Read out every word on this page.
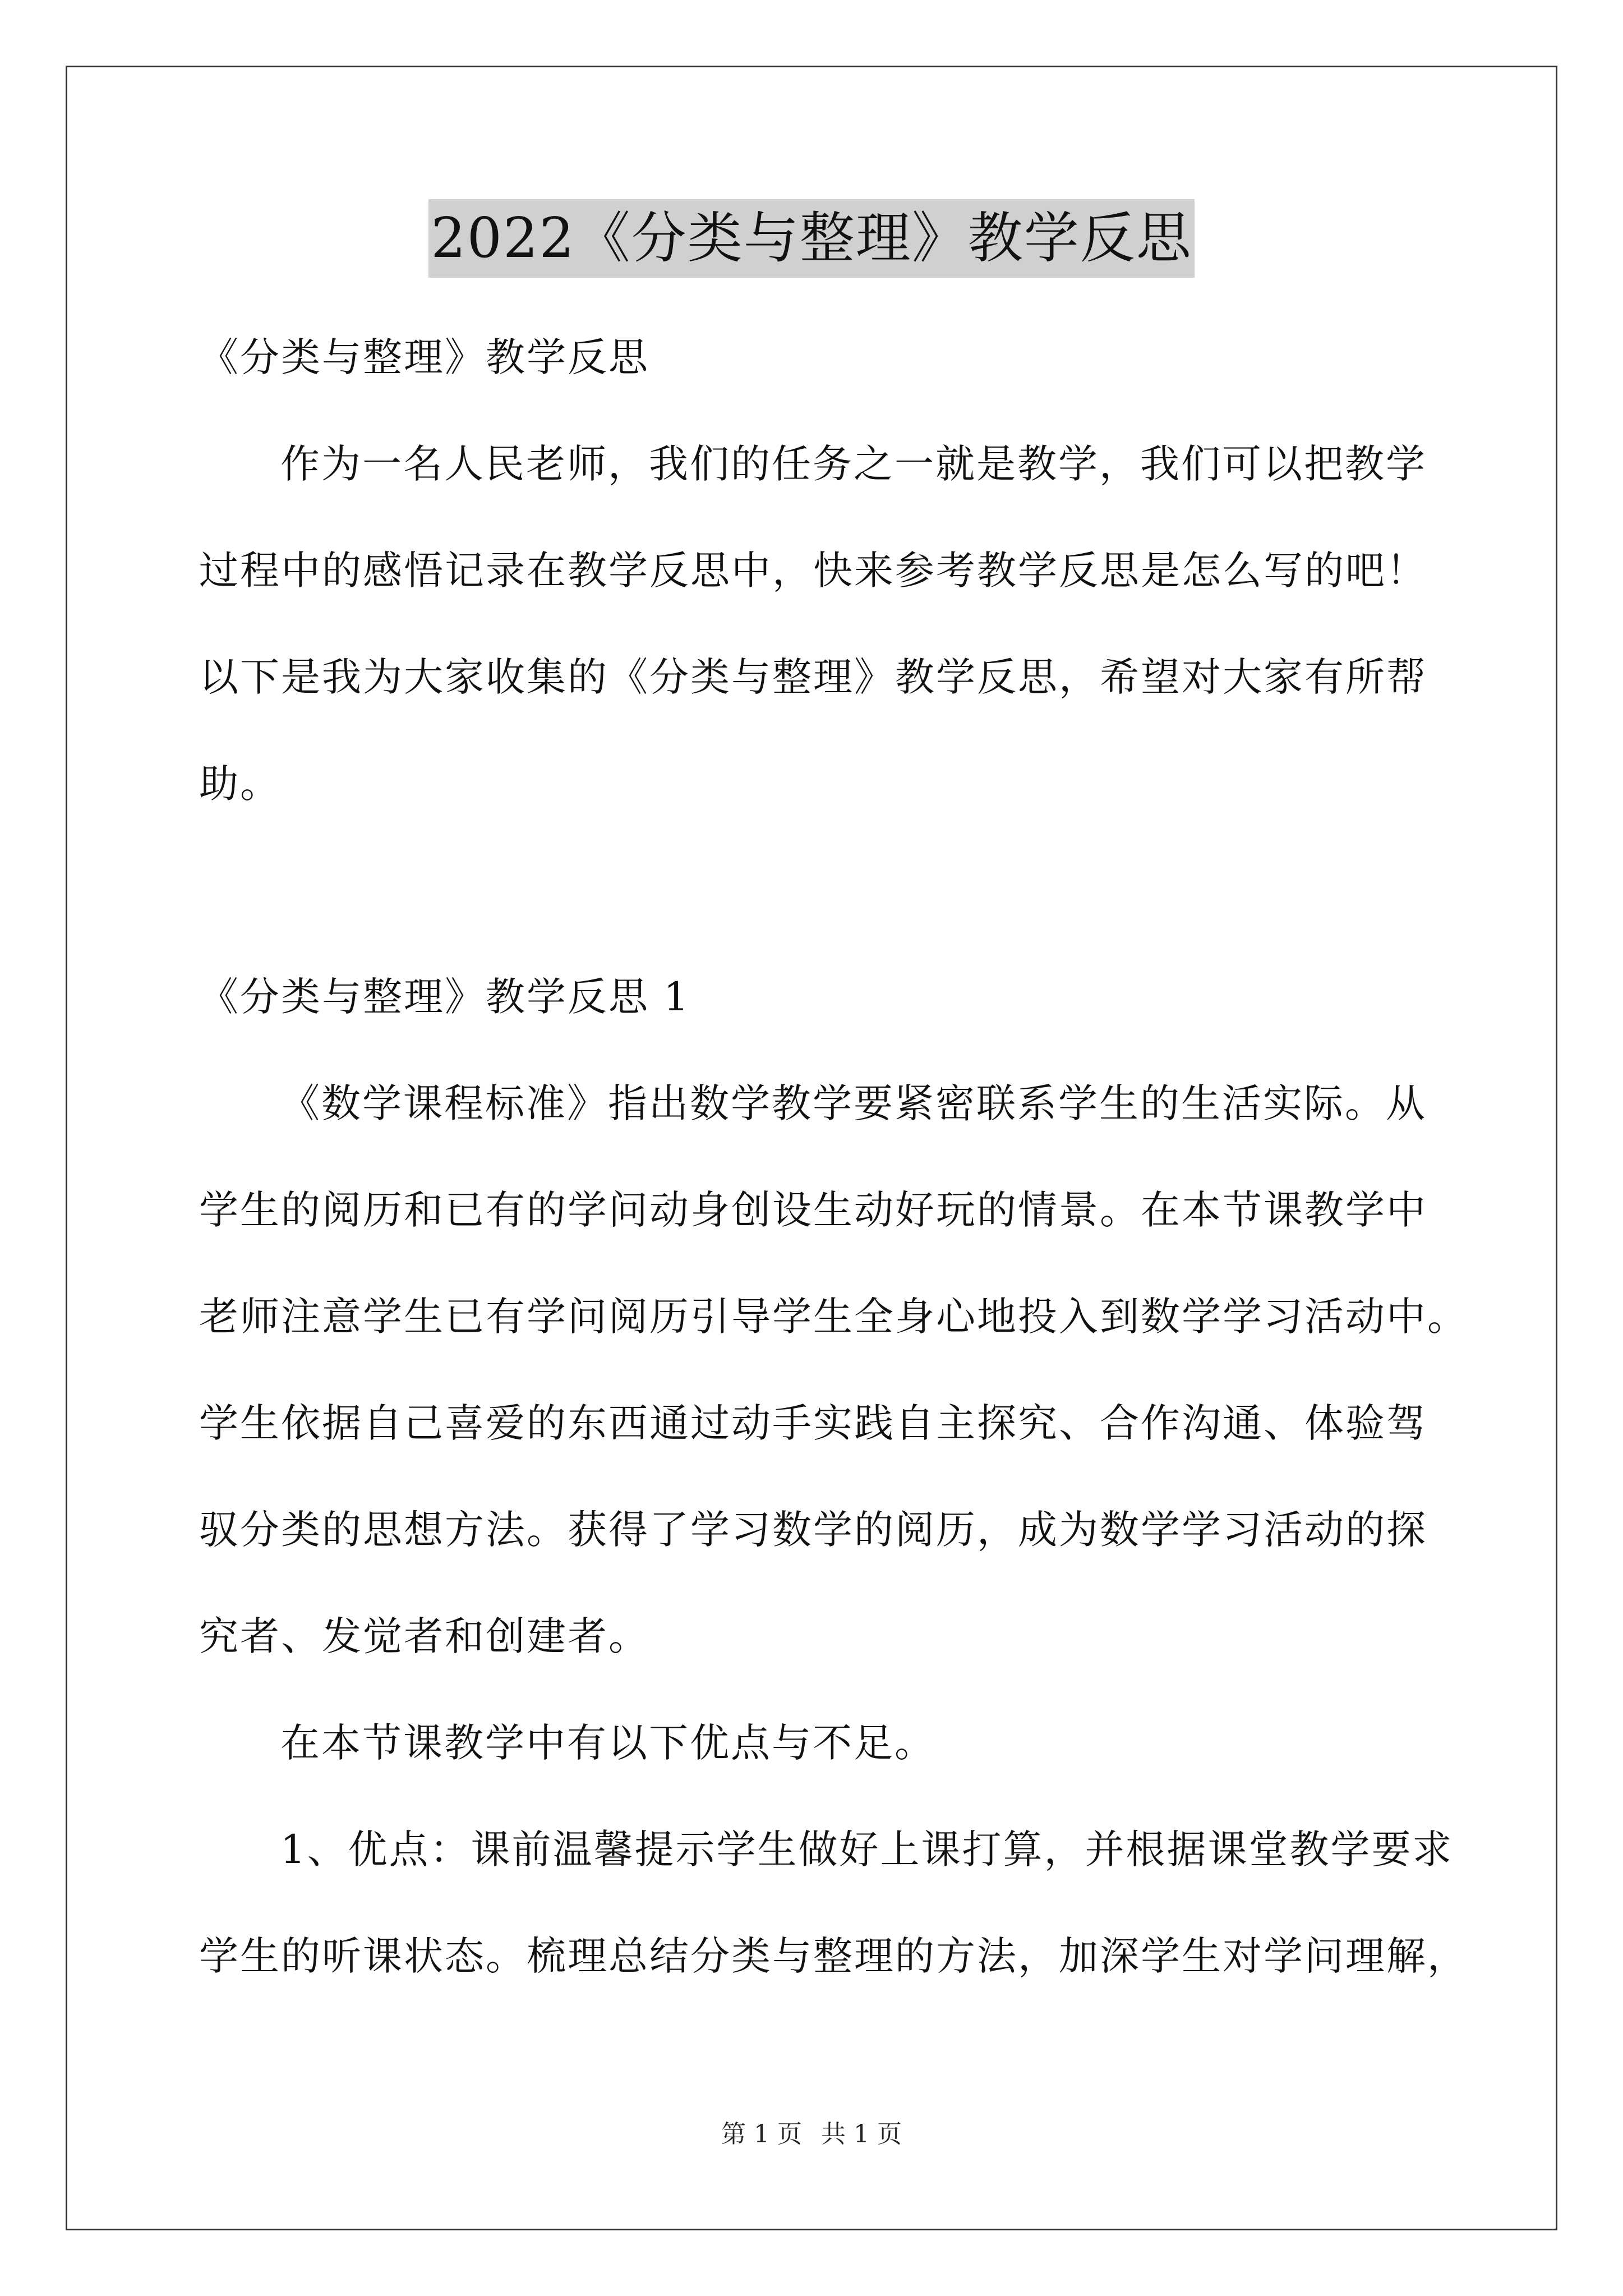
2022《分类与整理》教学反思
《分类与整理》教学反思
作为一名人民老师，我们的任务之一就是教学，我们可以把教学
过程中的感悟记录在教学反思中，快来参考教学反思是怎么写的吧！
以下是我为大家收集的《分类与整理》教学反思，希望对大家有所帮
助。
《分类与整理》教学反思 1
《数学课程标准》指出数学教学要紧密联系学生的生活实际。从
学生的阅历和已有的学问动身创设生动好玩的情景。在本节课教学中
老师注意学生已有学问阅历引导学生全身心地投入到数学学习活动中。
学生依据自己喜爱的东西通过动手实践自主探究、合作沟通、体验驾
驭分类的思想方法。获得了学习数学的阅历，成为数学学习活动的探
究者、发觉者和创建者。
在本节课教学中有以下优点与不足。
1、优点：课前温馨提示学生做好上课打算，并根据课堂教学要求
学生的听课状态。梳理总结分类与整理的方法，加深学生对学问理解，
第 1 页 共 1 页
